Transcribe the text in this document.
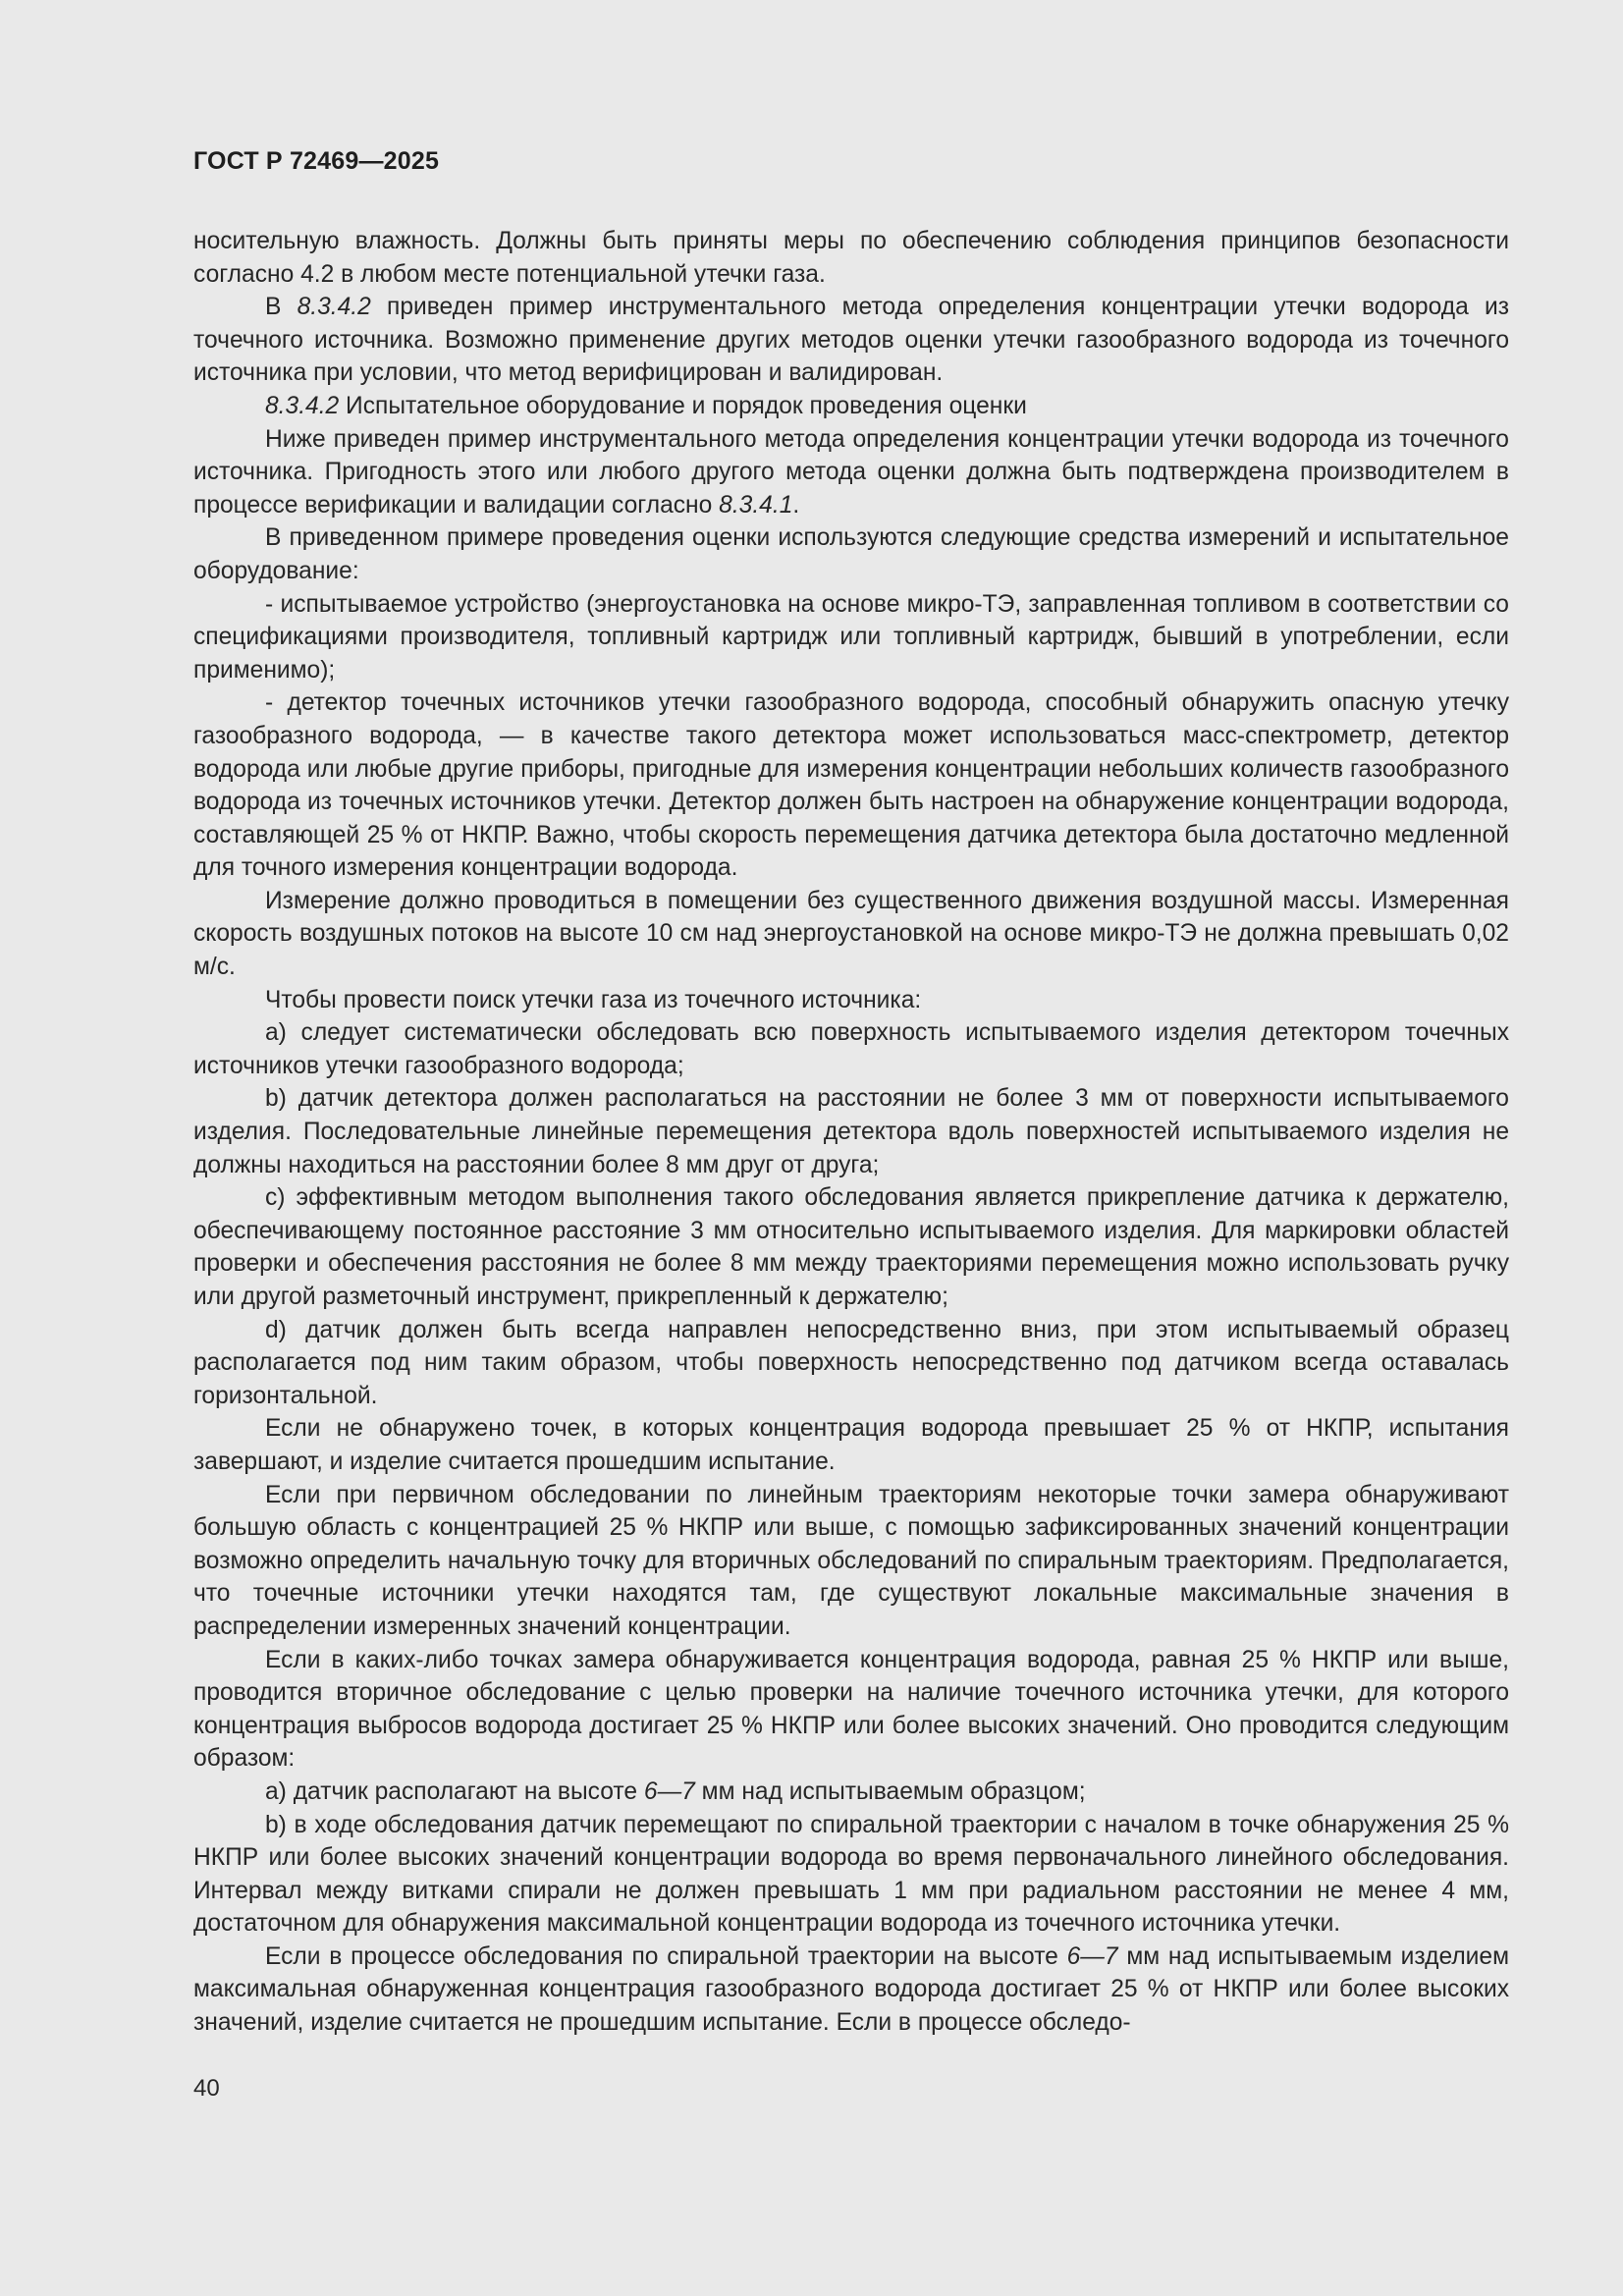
ГОСТ Р 72469—2025

носительную влажность. Должны быть приняты меры по обеспечению соблюдения принципов безопасности согласно 4.2 в любом месте потенциальной утечки газа.

В 8.3.4.2 приведен пример инструментального метода определения концентрации утечки водорода из точечного источника. Возможно применение других методов оценки утечки газообразного водорода из точечного источника при условии, что метод верифицирован и валидирован.

8.3.4.2 Испытательное оборудование и порядок проведения оценки

Ниже приведен пример инструментального метода определения концентрации утечки водорода из точечного источника. Пригодность этого или любого другого метода оценки должна быть подтверждена производителем в процессе верификации и валидации согласно 8.3.4.1.

В приведенном примере проведения оценки используются следующие средства измерений и испытательное оборудование:

- испытываемое устройство (энергоустановка на основе микро-ТЭ, заправленная топливом в соответствии со спецификациями производителя, топливный картридж или топливный картридж, бывший в употреблении, если применимо);

- детектор точечных источников утечки газообразного водорода, способный обнаружить опасную утечку газообразного водорода, — в качестве такого детектора может использоваться масс-спектрометр, детектор водорода или любые другие приборы, пригодные для измерения концентрации небольших количеств газообразного водорода из точечных источников утечки. Детектор должен быть настроен на обнаружение концентрации водорода, составляющей 25 % от НКПР. Важно, чтобы скорость перемещения датчика детектора была достаточно медленной для точного измерения концентрации водорода.

Измерение должно проводиться в помещении без существенного движения воздушной массы. Измеренная скорость воздушных потоков на высоте 10 см над энергоустановкой на основе микро-ТЭ не должна превышать 0,02 м/с.

Чтобы провести поиск утечки газа из точечного источника:

a) следует систематически обследовать всю поверхность испытываемого изделия детектором точечных источников утечки газообразного водорода;

b) датчик детектора должен располагаться на расстоянии не более 3 мм от поверхности испытываемого изделия. Последовательные линейные перемещения детектора вдоль поверхностей испытываемого изделия не должны находиться на расстоянии более 8 мм друг от друга;

c) эффективным методом выполнения такого обследования является прикрепление датчика к держателю, обеспечивающему постоянное расстояние 3 мм относительно испытываемого изделия. Для маркировки областей проверки и обеспечения расстояния не более 8 мм между траекториями перемещения можно использовать ручку или другой разметочный инструмент, прикрепленный к держателю;

d) датчик должен быть всегда направлен непосредственно вниз, при этом испытываемый образец располагается под ним таким образом, чтобы поверхность непосредственно под датчиком всегда оставалась горизонтальной.

Если не обнаружено точек, в которых концентрация водорода превышает 25 % от НКПР, испытания завершают, и изделие считается прошедшим испытание.

Если при первичном обследовании по линейным траекториям некоторые точки замера обнаруживают большую область с концентрацией 25 % НКПР или выше, с помощью зафиксированных значений концентрации возможно определить начальную точку для вторичных обследований по спиральным траекториям. Предполагается, что точечные источники утечки находятся там, где существуют локальные максимальные значения в распределении измеренных значений концентрации.

Если в каких-либо точках замера обнаруживается концентрация водорода, равная 25 % НКПР или выше, проводится вторичное обследование с целью проверки на наличие точечного источника утечки, для которого концентрация выбросов водорода достигает 25 % НКПР или более высоких значений. Оно проводится следующим образом:

a) датчик располагают на высоте 6—7 мм над испытываемым образцом;

b) в ходе обследования датчик перемещают по спиральной траектории с началом в точке обнаружения 25 % НКПР или более высоких значений концентрации водорода во время первоначального линейного обследования. Интервал между витками спирали не должен превышать 1 мм при радиальном расстоянии не менее 4 мм, достаточном для обнаружения максимальной концентрации водорода из точечного источника утечки.

Если в процессе обследования по спиральной траектории на высоте 6—7 мм над испытываемым изделием максимальная обнаруженная концентрация газообразного водорода достигает 25 % от НКПР или более высоких значений, изделие считается не прошедшим испытание. Если в процессе обследо-

40
